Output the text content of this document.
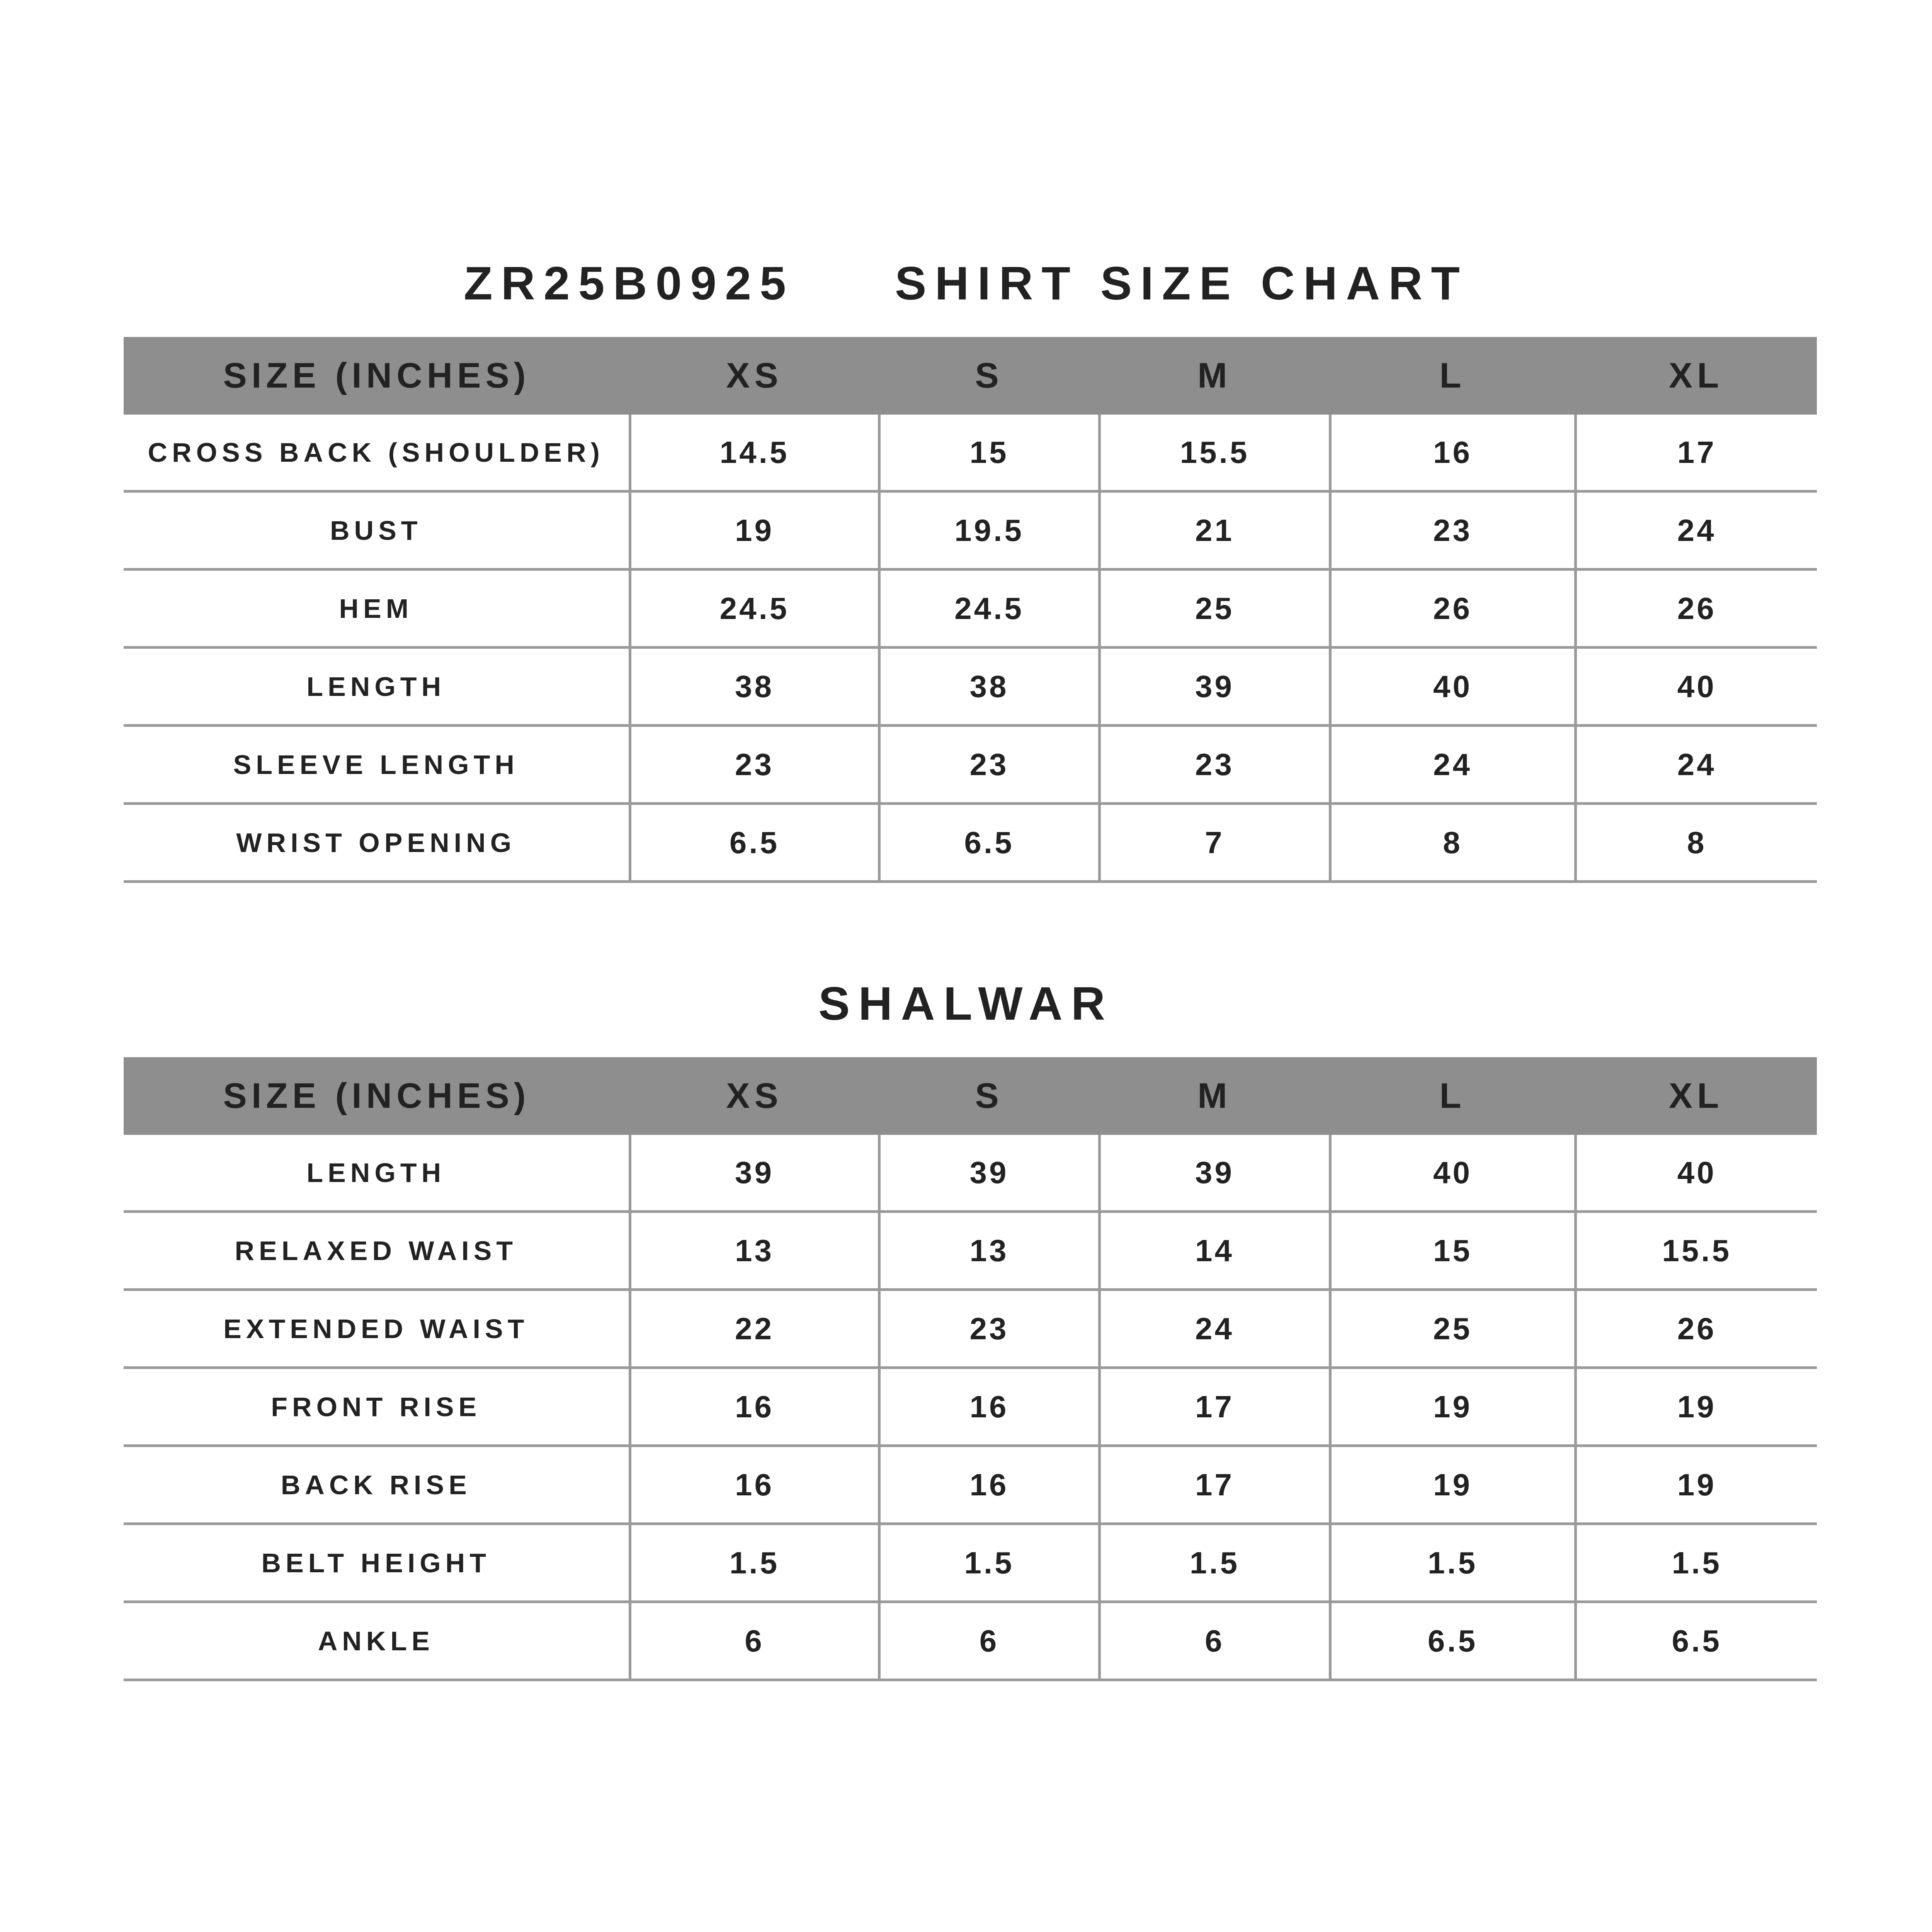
ZR25B0925 SHIRT SIZE CHART
SIZE (INCHES)	XS	S	M	L	XL
CROSS BACK (SHOULDER)	14.5	15	15.5	16	17
BUST	19	19.5	21	23	24
HEM	24.5	24.5	25	26	26
LENGTH	38	38	39	40	40
SLEEVE LENGTH	23	23	23	24	24
WRIST OPENING	6.5	6.5	7	8	8
SHALWAR
SIZE (INCHES)	XS	S	M	L	XL
LENGTH	39	39	39	40	40
RELAXED WAIST	13	13	14	15	15.5
EXTENDED WAIST	22	23	24	25	26
FRONT RISE	16	16	17	19	19
BACK RISE	16	16	17	19	19
BELT HEIGHT	1.5	1.5	1.5	1.5	1.5
ANKLE	6	6	6	6.5	6.5
